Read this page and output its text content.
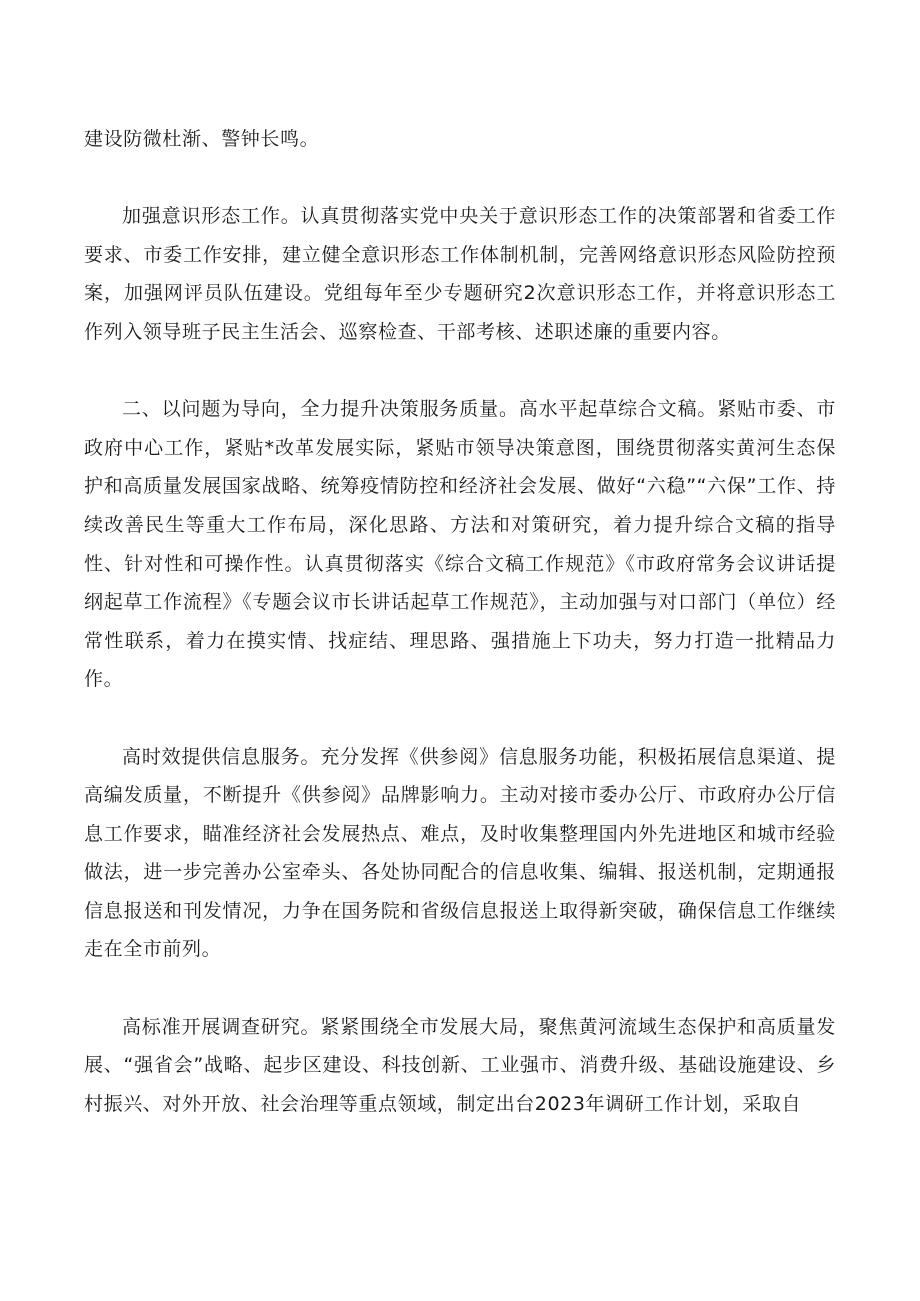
建设防微杜渐、警钟长鸣。

加强意识形态工作。认真贯彻落实党中央关于意识形态工作的决策部署和省委工作要求、市委工作安排，建立健全意识形态工作体制机制，完善网络意识形态风险防控预案，加强网评员队伍建设。党组每年至少专题研究2次意识形态工作，并将意识形态工作列入领导班子民主生活会、巡察检查、干部考核、述职述廉的重要内容。

二、以问题为导向，全力提升决策服务质量。高水平起草综合文稿。紧贴市委、市政府中心工作，紧贴*改革发展实际，紧贴市领导决策意图，围绕贯彻落实黄河生态保护和高质量发展国家战略、统筹疫情防控和经济社会发展、做好“六稳”“六保”工作、持续改善民生等重大工作布局，深化思路、方法和对策研究，着力提升综合文稿的指导性、针对性和可操作性。认真贯彻落实《综合文稿工作规范》《市政府常务会议讲话提纲起草工作流程》《专题会议市长讲话起草工作规范》，主动加强与对口部门（单位）经常性联系，着力在摸实情、找症结、理思路、强措施上下功夫，努力打造一批精品力作。

高时效提供信息服务。充分发挥《供参阅》信息服务功能，积极拓展信息渠道、提高编发质量，不断提升《供参阅》品牌影响力。主动对接市委办公厅、市政府办公厅信息工作要求，瞄准经济社会发展热点、难点，及时收集整理国内外先进地区和城市经验做法，进一步完善办公室牵头、各处协同配合的信息收集、编辑、报送机制，定期通报信息报送和刊发情况，力争在国务院和省级信息报送上取得新突破，确保信息工作继续走在全市前列。

高标准开展调查研究。紧紧围绕全市发展大局，聚焦黄河流域生态保护和高质量发展、“强省会”战略、起步区建设、科技创新、工业强市、消费升级、基础设施建设、乡村振兴、对外开放、社会治理等重点领域，制定出台2023年调研工作计划，采取自
